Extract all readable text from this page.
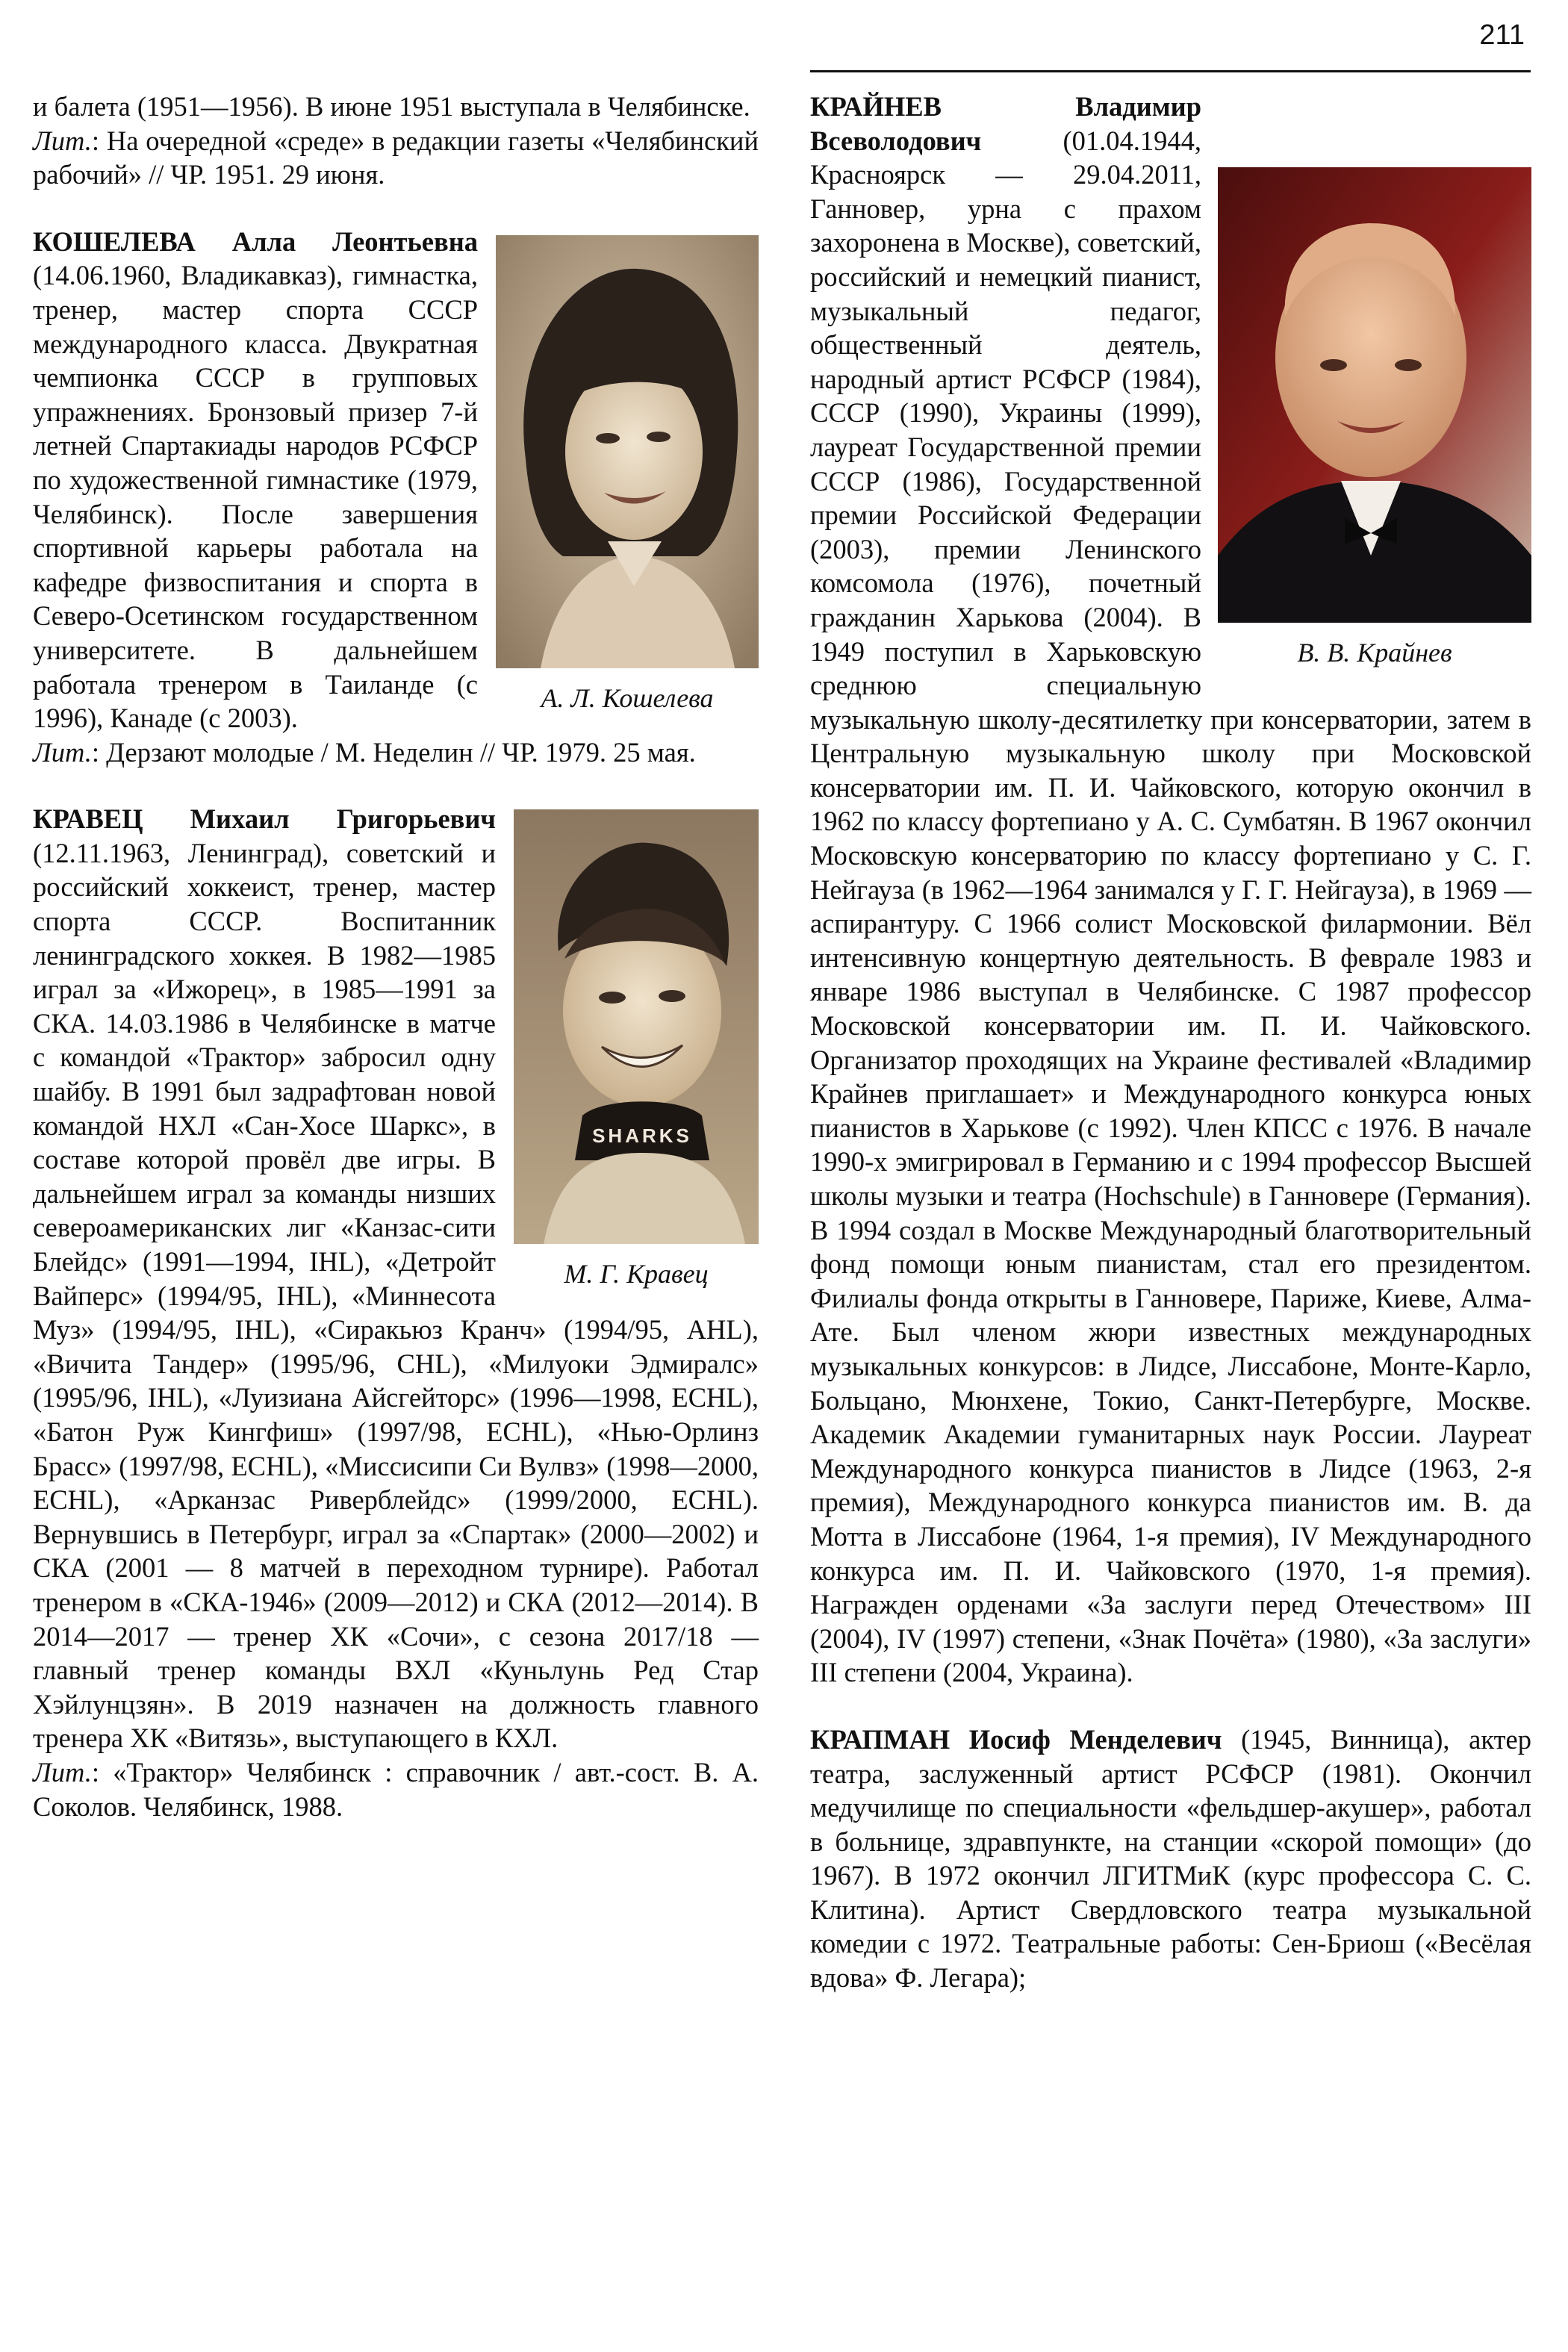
211

и балета (1951—1956). В июне 1951 выступала в Челябинске.

Лит.: На очередной «среде» в редакции газеты «Челябинский рабочий» // ЧР. 1951. 29 июня.

А. Л. Кошелева

КОШЕЛЕВА Алла Леонтьевна (14.06.1960, Владикавказ), гимнастка, тренер, мастер спорта СССР международного класса. Двукратная чемпионка СССР в групповых упражнениях. Бронзовый призер 7-й летней Спартакиады народов РСФСР по художественной гимнастике (1979, Челябинск). После завершения спортивной карьеры работала на кафедре физвоспитания и спорта в Северо-Осетинском государственном университете. В дальнейшем работала тренером в Таиланде (с 1996), Канаде (с 2003).

Лит.: Дерзают молодые / М. Неделин // ЧР. 1979. 25 мая.

SHARKS
М. Г. Кравец

КРАВЕЦ Михаил Григорьевич (12.11.1963, Ленинград), советский и российский хоккеист, тренер, мастер спорта СССР. Воспитанник ленинградского хоккея. В 1982—1985 играл за «Ижорец», в 1985—1991 за СКА. 14.03.1986 в Челябинске в матче с командой «Трактор» забросил одну шайбу. В 1991 был задрафтован новой командой НХЛ «Сан-Хосе Шаркс», в составе которой провёл две игры. В дальнейшем играл за команды низших североамериканских лиг «Канзас-сити Блейдс» (1991—1994, IHL), «Детройт Вайперс» (1994/95, IHL), «Миннесота Муз» (1994/95, IHL), «Сиракьюз Кранч» (1994/95, AHL), «Вичита Тандер» (1995/96, CHL), «Милуоки Эдмиралс» (1995/96, IHL), «Луизиана Айсгейторс» (1996—1998, ECHL), «Батон Руж Кингфиш» (1997/98, ECHL), «Нью-Орлинз Брасс» (1997/98, ECHL), «Миссисипи Си Вулвз» (1998—2000, ECHL), «Арканзас Риверблейдс» (1999/2000, ECHL). Вернувшись в Петербург, играл за «Спартак» (2000—2002) и СКА (2001 — 8 матчей в переходном турнире). Работал тренером в «СКА-1946» (2009—2012) и СКА (2012—2014). В 2014—2017 — тренер ХК «Сочи», с сезона 2017/18 — главный тренер команды ВХЛ «Куньлунь Ред Стар Хэйлунцзян». В 2019 назначен на должность главного тренера ХК «Витязь», выступающего в КХЛ.

Лит.: «Трактор» Челябинск : справочник / авт.-сост. В. А. Соколов. Челябинск, 1988.

В. В. Крайнев

КРАЙНЕВ Владимир Всеволодович (01.04.1944, Красноярск — 29.04.2011, Ганновер, урна с прахом захоронена в Москве), советский, российский и немецкий пианист, музыкальный педагог, общественный деятель, народный артист РСФСР (1984), СССР (1990), Украины (1999), лауреат Государственной премии СССР (1986), Государственной премии Российской Федерации (2003), премии Ленинского комсомола (1976), почетный гражданин Харькова (2004). В 1949 поступил в Харьковскую среднюю специальную музыкальную школу-десятилетку при консерватории, затем в Центральную музыкальную школу при Московской консерватории им. П. И. Чайковского, которую окончил в 1962 по классу фортепиано у А. С. Сумбатян. В 1967 окончил Московскую консерваторию по классу фортепиано у С. Г. Нейгауза (в 1962—1964 занимался у Г. Г. Нейгауза), в 1969 — аспирантуру. С 1966 солист Московской филармонии. Вёл интенсивную концертную деятельность. В феврале 1983 и январе 1986 выступал в Челябинске. С 1987 профессор Московской консерватории им. П. И. Чайковского. Организатор проходящих на Украине фестивалей «Владимир Крайнев приглашает» и Международного конкурса юных пианистов в Харькове (с 1992). Член КПСС с 1976. В начале 1990-х эмигрировал в Германию и с 1994 профессор Высшей школы музыки и театра (Hochschule) в Ганновере (Германия). В 1994 создал в Москве Международный благотворительный фонд помощи юным пианистам, стал его президентом. Филиалы фонда открыты в Ганновере, Париже, Киеве, Алма-Ате. Был членом жюри известных международных музыкальных конкурсов: в Лидсе, Лиссабоне, Монте-Карло, Больцано, Мюнхене, Токио, Санкт-Петербурге, Москве. Академик Академии гуманитарных наук России. Лауреат Международного конкурса пианистов в Лидсе (1963, 2-я премия), Международного конкурса пианистов им. В. да Мотта в Лиссабоне (1964, 1-я премия), IV Международного конкурса им. П. И. Чайковского (1970, 1-я премия). Награжден орденами «За заслуги перед Отечеством» III (2004), IV (1997) степени, «Знак Почёта» (1980), «За заслуги» III степени (2004, Украина).

КРАПМАН Иосиф Менделевич (1945, Винница), актер театра, заслуженный артист РСФСР (1981). Окончил медучилище по специальности «фельдшер-акушер», работал в больнице, здравпункте, на станции «скорой помощи» (до 1967). В 1972 окончил ЛГИТМиК (курс профессора С. С. Клитина). Артист Свердловского театра музыкальной комедии с 1972. Театральные работы: Сен-Бриош («Весёлая вдова» Ф. Легара);
